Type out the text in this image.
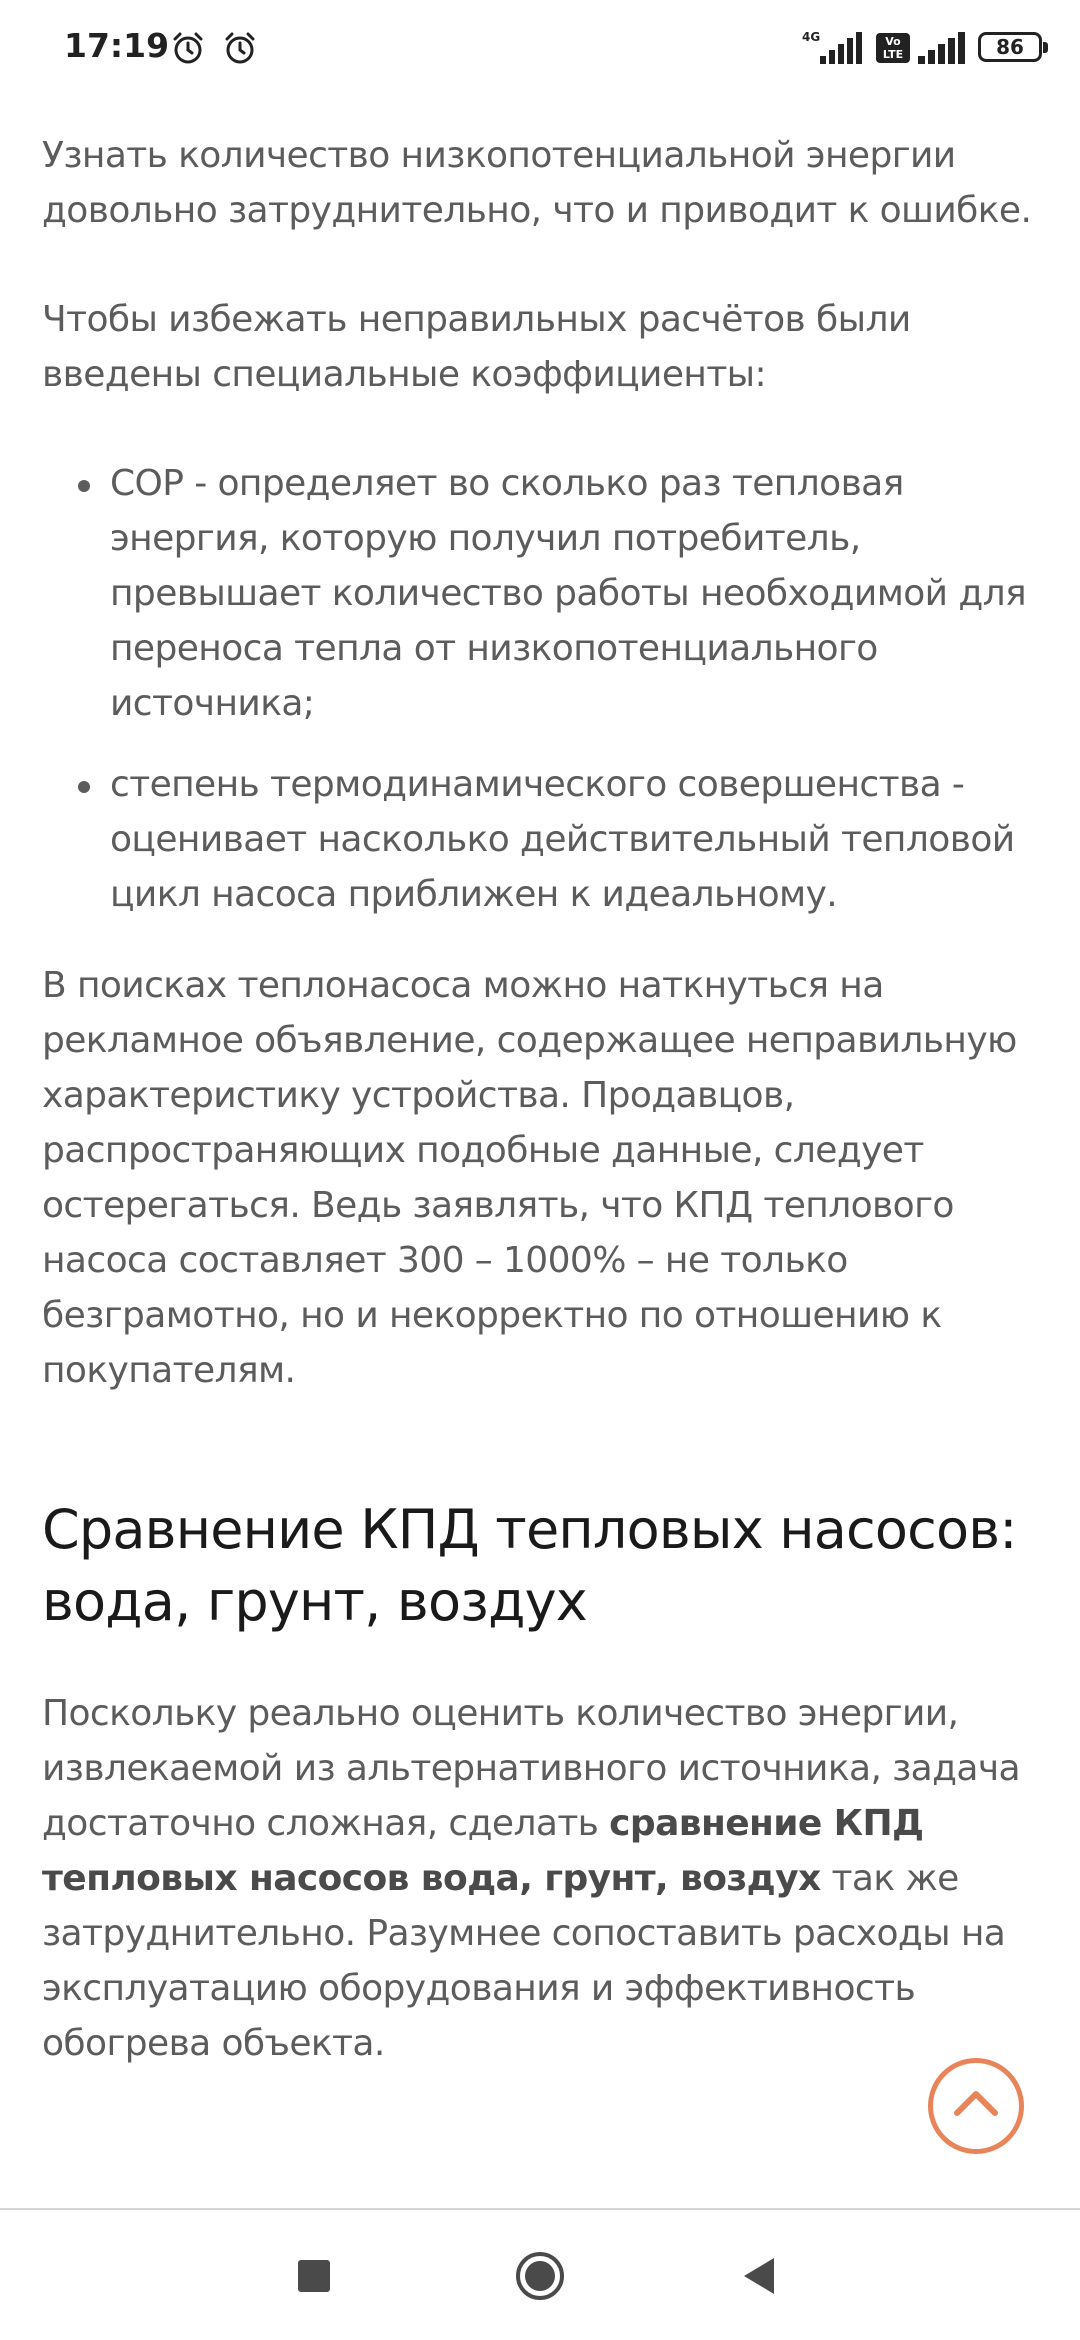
17:19	4G	Vo LTE	86

Узнать количество низкопотенциальной энергии довольно затруднительно, что и приводит к ошибке.

Чтобы избежать неправильных расчётов были введены специальные коэффициенты:

COP - определяет во сколько раз тепловая энергия, которую получил потребитель, превышает количество работы необходимой для переноса тепла от низкопотенциального источника;
степень термодинамического совершенства - оценивает насколько действительный тепловой цикл насоса приближен к идеальному.

В поисках теплонасоса можно наткнуться на рекламное объявление, содержащее неправильную характеристику устройства. Продавцов, распространяющих подобные данные, следует остерегаться. Ведь заявлять, что КПД теплового насоса составляет 300 – 1000% – не только безграмотно, но и некорректно по отношению к покупателям.

Сравнение КПД тепловых насосов: вода, грунт, воздух

Поскольку реально оценить количество энергии, извлекаемой из альтернативного источника, задача достаточно сложная, сделать сравнение КПД тепловых насосов вода, грунт, воздух так же затруднительно. Разумнее сопоставить расходы на эксплуатацию оборудования и эффективность обогрева объекта.
